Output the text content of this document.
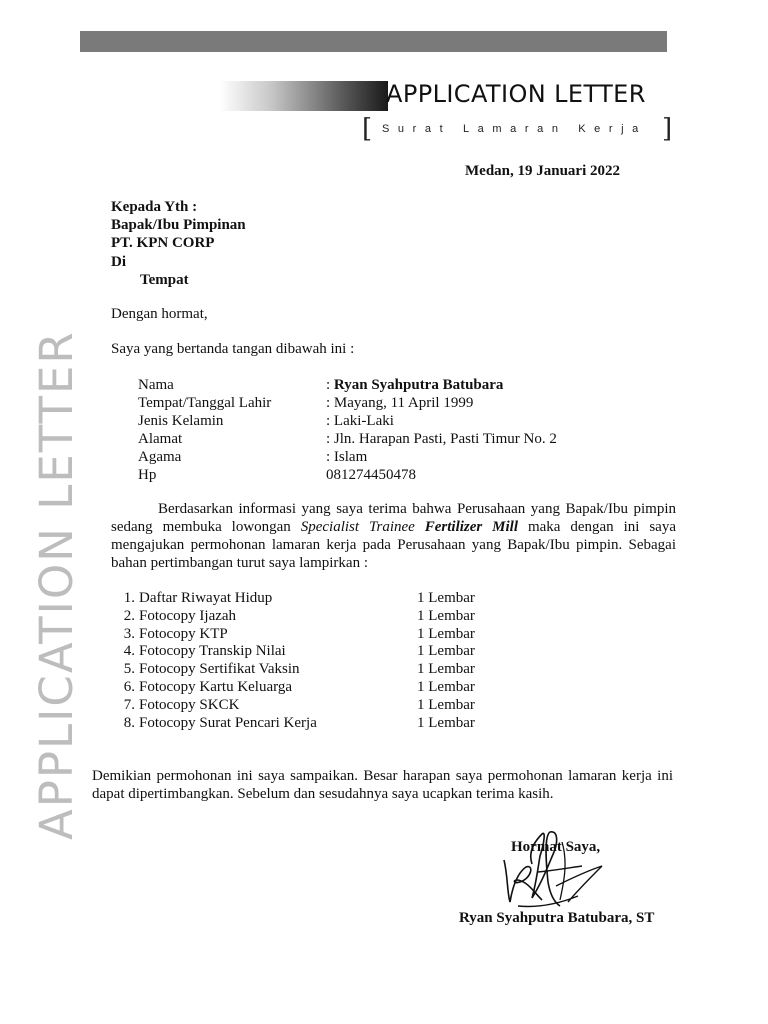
APPLICATION LETTER
[ Surat Lamaran Kerja ]
APPLICATION LETTER
Medan, 19 Januari 2022
Kepada Yth :
Bapak/Ibu Pimpinan
PT. KPN CORP
Di
Tempat
Dengan hormat,
Saya yang bertanda tangan dibawah ini :
Nama	: Ryan Syahputra Batubara
Tempat/Tanggal Lahir	: Mayang, 11 April 1999
Jenis Kelamin	: Laki-Laki
Alamat	: Jln. Harapan Pasti, Pasti Timur No. 2
Agama	: Islam
Hp	081274450478

Berdasarkan informasi yang saya terima bahwa Perusahaan yang Bapak/Ibu pimpin sedang membuka lowongan Specialist Trainee Fertilizer Mill maka dengan ini saya mengajukan permohonan lamaran kerja pada Perusahaan yang Bapak/Ibu pimpin. Sebagai bahan pertimbangan turut saya lampirkan :

1. Daftar Riwayat Hidup	1 Lembar
2. Fotocopy Ijazah	1 Lembar
3. Fotocopy KTP	1 Lembar
4. Fotocopy Transkip Nilai	1 Lembar
5. Fotocopy Sertifikat Vaksin	1 Lembar
6. Fotocopy Kartu Keluarga	1 Lembar
7. Fotocopy SKCK	1 Lembar
8. Fotocopy Surat Pencari Kerja	1 Lembar
Demikian permohonan ini saya sampaikan. Besar harapan saya permohonan lamaran kerja ini dapat dipertimbangkan. Sebelum dan sesudahnya saya ucapkan terima kasih.
Hormat Saya,
Ryan Syahputra Batubara, ST
